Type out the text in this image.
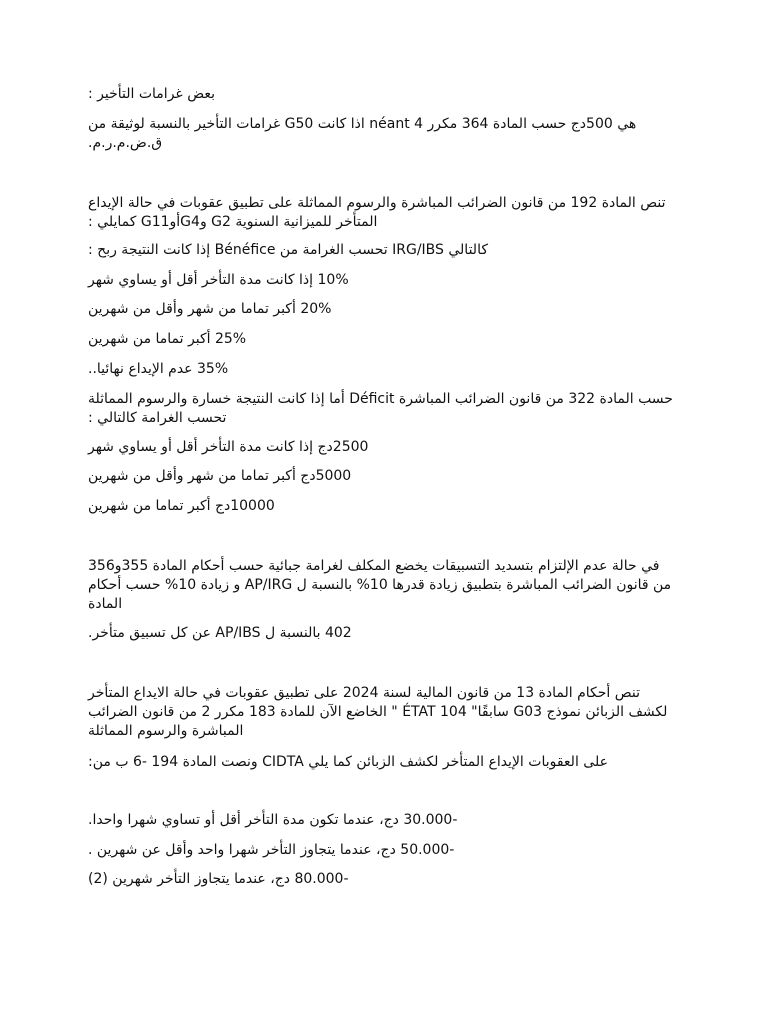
بعض غرامات التأخير :
هي 500دج حسب المادة 364 مكرر 4 néant اذا كانت G50 غرامات التأخير بالنسبة لوثيقة من ق.ض.م.ر.م.
تنص المادة 192 من قانون الضرائب المباشرة والرسوم المماثلة على تطبيق عقوبات في حالة الإيداع المتأخر للميزانية السنوية G2 وG4أوG11 كمايلي :
كالتالي IRG/IBS تحسب الغرامة من Bénéfice إذا كانت النتيجة ربح :
10% إذا كانت مدة التأخر أقل أو يساوي شهر
20% أكبر تماما من شهر وأقل من شهرين
25% أكبر تماما من شهرين
35% عدم الإيداع نهائيا..
حسب المادة 322 من قانون الضرائب المباشرة Déficit أما إذا كانت النتيجة خسارة والرسوم المماثلة تحسب الغرامة كالتالي :
2500دج إذا كانت مدة التأخر أقل أو يساوي شهر
5000دج أكبر تماما من شهر وأقل من شهرين
10000دج أكبر تماما من شهرين
في حالة عدم الإلتزام بتسديد التسبيقات يخضع المكلف لغرامة جبائية حسب أحكام المادة 355و356 من قانون الضرائب المباشرة بتطبيق زيادة قدرها 10% بالنسبة ل AP/IRG و زيادة 10% حسب أحكام المادة
402 بالنسبة ل AP/IBS عن كل تسبيق متأخر.
تنص أحكام المادة 13 من قانون المالية لسنة 2024 على تطبيق عقوبات في حالة الايداع المتأخر لكشف الزبائن نموذج G03 سابقًا" ÉTAT 104 " الخاضع الآن للمادة 183 مكرر 2 من قانون الضرائب المباشرة والرسوم المماثلة
على العقوبات الإيداع المتأخر لكشف الزبائن كما يلي CIDTA ونصت المادة 194 -6 ب من:
-30.000 دج، عندما تكون مدة التأخر أقل أو تساوي شهرا واحدا.
-50.000 دج، عندما يتجاوز التأخر شهرا واحد وأقل عن شهرين .
-80.000 دج، عندما يتجاوز التأخر شهرين (2)
